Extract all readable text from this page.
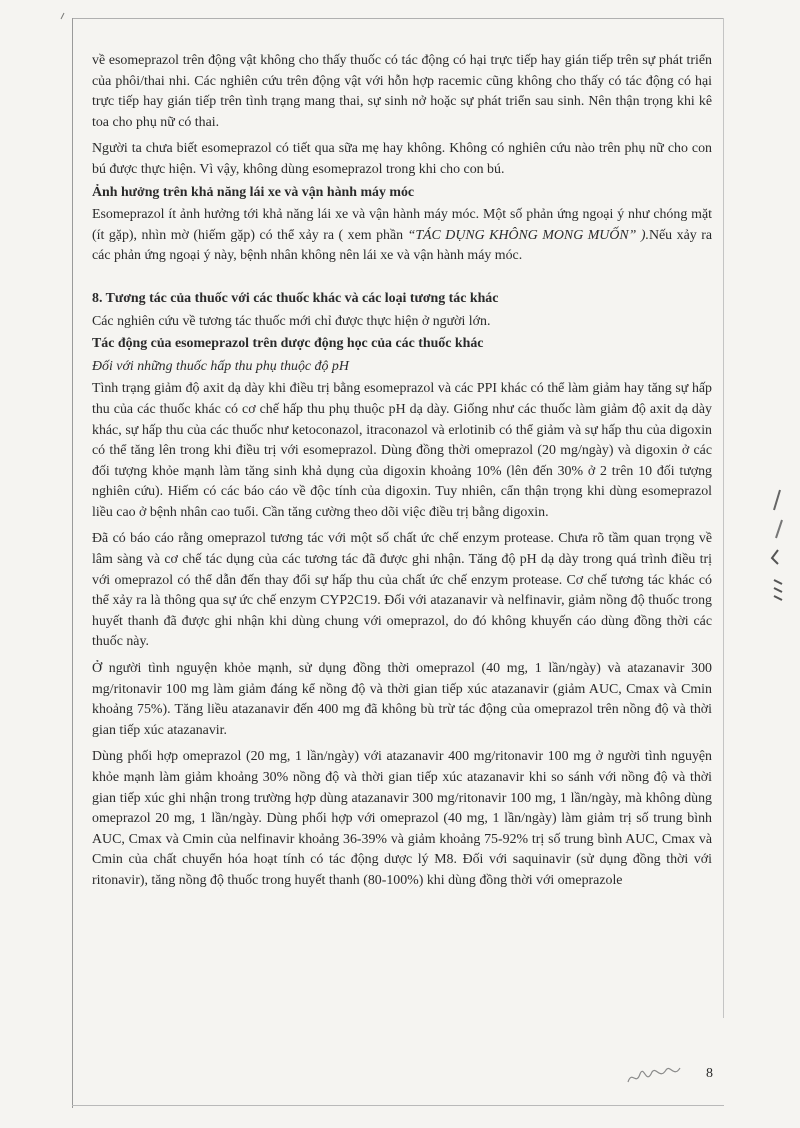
về esomeprazol trên động vật không cho thấy thuốc có tác động có hại trực tiếp hay gián tiếp trên sự phát triển của phôi/thai nhi. Các nghiên cứu trên động vật với hỗn hợp racemic cũng không cho thấy có tác động có hại trực tiếp hay gián tiếp trên tình trạng mang thai, sự sinh nở hoặc sự phát triển sau sinh. Nên thận trọng khi kê toa cho phụ nữ có thai.

Người ta chưa biết esomeprazol có tiết qua sữa mẹ hay không. Không có nghiên cứu nào trên phụ nữ cho con bú được thực hiện. Vì vậy, không dùng esomeprazol trong khi cho con bú.

Ảnh hưởng trên khả năng lái xe và vận hành máy móc

Esomeprazol ít ảnh hưởng tới khả năng lái xe và vận hành máy móc. Một số phản ứng ngoại ý như chóng mặt (ít gặp), nhìn mờ (hiếm gặp) có thể xảy ra ( xem phần “TÁC DỤNG KHÔNG MONG MUỐN” ).Nếu xảy ra các phản ứng ngoại ý này, bệnh nhân không nên lái xe và vận hành máy móc.

8. Tương tác của thuốc với các thuốc khác và các loại tương tác khác

Các nghiên cứu về tương tác thuốc mới chỉ được thực hiện ở người lớn.

Tác động của esomeprazol trên dược động học của các thuốc khác

Đối với những thuốc hấp thu phụ thuộc độ pH

Tình trạng giảm độ axit dạ dày khi điều trị bằng esomeprazol và các PPI khác có thể làm giảm hay tăng sự hấp thu của các thuốc khác có cơ chế hấp thu phụ thuộc pH dạ dày. Giống như các thuốc làm giảm độ axit dạ dày khác, sự hấp thu của các thuốc như ketoconazol, itraconazol và erlotinib có thể giảm và sự hấp thu của digoxin có thể tăng lên trong khi điều trị với esomeprazol. Dùng đồng thời omeprazol (20 mg/ngày) và digoxin ở các đối tượng khỏe mạnh làm tăng sinh khả dụng của digoxin khoảng 10% (lên đến 30% ở 2 trên 10 đối tượng nghiên cứu). Hiếm có các báo cáo về độc tính của digoxin. Tuy nhiên, cẩn thận trọng khi dùng esomeprazol liều cao ở bệnh nhân cao tuổi. Cần tăng cường theo dõi việc điều trị bằng digoxin.

Đã có báo cáo rằng omeprazol tương tác với một số chất ức chế enzym protease. Chưa rõ tầm quan trọng về lâm sàng và cơ chế tác dụng của các tương tác đã được ghi nhận. Tăng độ pH dạ dày trong quá trình điều trị với omeprazol có thể dẫn đến thay đổi sự hấp thu của chất ức chế enzym protease. Cơ chế tương tác khác có thể xảy ra là thông qua sự ức chế enzym CYP2C19. Đối với atazanavir và nelfinavir, giảm nồng độ thuốc trong huyết thanh đã được ghi nhận khi dùng chung với omeprazol, do đó không khuyến cáo dùng đồng thời các thuốc này.

Ở người tình nguyện khỏe mạnh, sử dụng đồng thời omeprazol (40 mg, 1 lần/ngày) và atazanavir 300 mg/ritonavir 100 mg làm giảm đáng kể nồng độ và thời gian tiếp xúc atazanavir (giảm AUC, Cmax và Cmin khoảng 75%). Tăng liều atazanavir đến 400 mg đã không bù trừ tác động của omeprazol trên nồng độ và thời gian tiếp xúc atazanavir.

Dùng phối hợp omeprazol (20 mg, 1 lần/ngày) với atazanavir 400 mg/ritonavir 100 mg ở người tình nguyện khỏe mạnh làm giảm khoảng 30% nồng độ và thời gian tiếp xúc atazanavir khi so sánh với nồng độ và thời gian tiếp xúc ghi nhận trong trường hợp dùng atazanavir 300 mg/ritonavir 100 mg, 1 lần/ngày, mà không dùng omeprazol 20 mg, 1 lần/ngày. Dùng phối hợp với omeprazol (40 mg, 1 lần/ngày) làm giảm trị số trung bình AUC, Cmax và Cmin của nelfinavir khoảng 36-39% và giảm khoảng 75-92% trị số trung bình AUC, Cmax và Cmin của chất chuyển hóa hoạt tính có tác động dược lý M8. Đối với saquinavir (sử dụng đồng thời với ritonavir), tăng nồng độ thuốc trong huyết thanh (80-100%) khi dùng đồng thời với omeprazole

8
